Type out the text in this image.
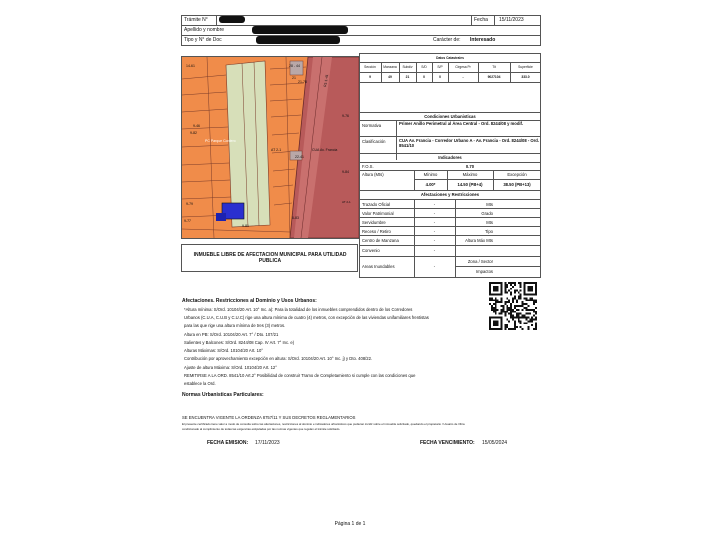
Trámite N°	Fecha 15/11/2023
Apellido y nombre
Tipo y N° de Doc	Carácter de: Interesado
28 - 44
21	R1-1-41
PC Parque Cordero
AT 2-1	CUA Av. Francia
22-41
AT 2-1
9-46
9-82
9-84
9-77
9-79
9-81
21-78
6-83
14-61
9-76
INMUEBLE LIBRE DE AFECTACION MUNICIPAL PARA UTILIDAD PUBLICA
Datos Catastrales
Sección	Manzana	Subdiv	S/D	S/P	Cirgesa Pr	Tit	Superficie
9	49	21	0	0	-	9027104	333.0
Condiciones Urbanisticas
Normativa	Primer Anillo Perimetral al Área Central - Ord. 8244/08 y modif.
Clasificación	CUA Av. Francia - Corredor Urbano A - Av. Francia - Ord. 8244/08 - Ord. 8541/10
Indicadores
F.O.S.	0.70
Altura (Mts)	Mínimo	Máximo	Excepción
4.00*	14.50 (PB+4)	38.50 (PB+13)
Afectaciones y Restricciones
Trazado Oficial	-	Mts
Valor Patrimonial	-	Grado
Servidumbre	-	Mts
Receso / Retiro	-	Tipo
Centro de Manzana	-	Altura Máx Mts
Convenio	-
Areas Inundables	-
Zona / Sector
Impactos
Afectaciones. Restricciones al Dominio y Usos Urbanos:
*Altura mínima: S/Ord. 10104/20 Art. 10° Inc. a): Para la totalidad de los inmuebles comprendidos dentro de los Corredores
Urbanos (C.U.A, C.U.B y C.U.C) rige una altura mínima de cuatro (4) metros, con excepción de las viviendas unifamiliares frentistas
para las que rige una altura mínima de tres (3) metros.
Altura en PB: S/Ord. 10104/20 Art. 7° / Dto. 107/21
Salientes y Balcones: S/Ord. 8244/08 Cap. IV Art. 7° Inc. e)
Alturas Máximas: S/Ord. 10104/20 Art. 10°
Contribución por aprovechamiento excepción en altura: S/Ord. 10104/20 Art. 10° Inc. j) y Dto. 408/22.
Ajuste de altura Máxima: S/Ord. 10104/20 Art. 12°
REMITIRSE A LA ORD. 8541/10 Art.2° Posibilidad de construir Tramo de Completamiento si cumple con las condiciones que
establece la Ord.
Normas Urbanisticas Particulares:
SE ENCUENTRA VIGENTE LA ORDENZA 8757/11 Y SUS DECRETOS REGLAMENTARIOS
El presente certificado tiene valor a modo de consulta sobre las afectaciones, restricciones al dominio e indicadores urbanísticos que pudieran incidir sobre el inmueble solicitado, quedando el propietario / Usuario de Obra
condicionado al cumplimiento de todas las exigencias estipuladas por las normas vigentes que regulan el trámite solicitado.
FECHA EMISION: 17/11/2023	FECHA VENCIMIENTO: 15/05/2024
Página 1 de 1
